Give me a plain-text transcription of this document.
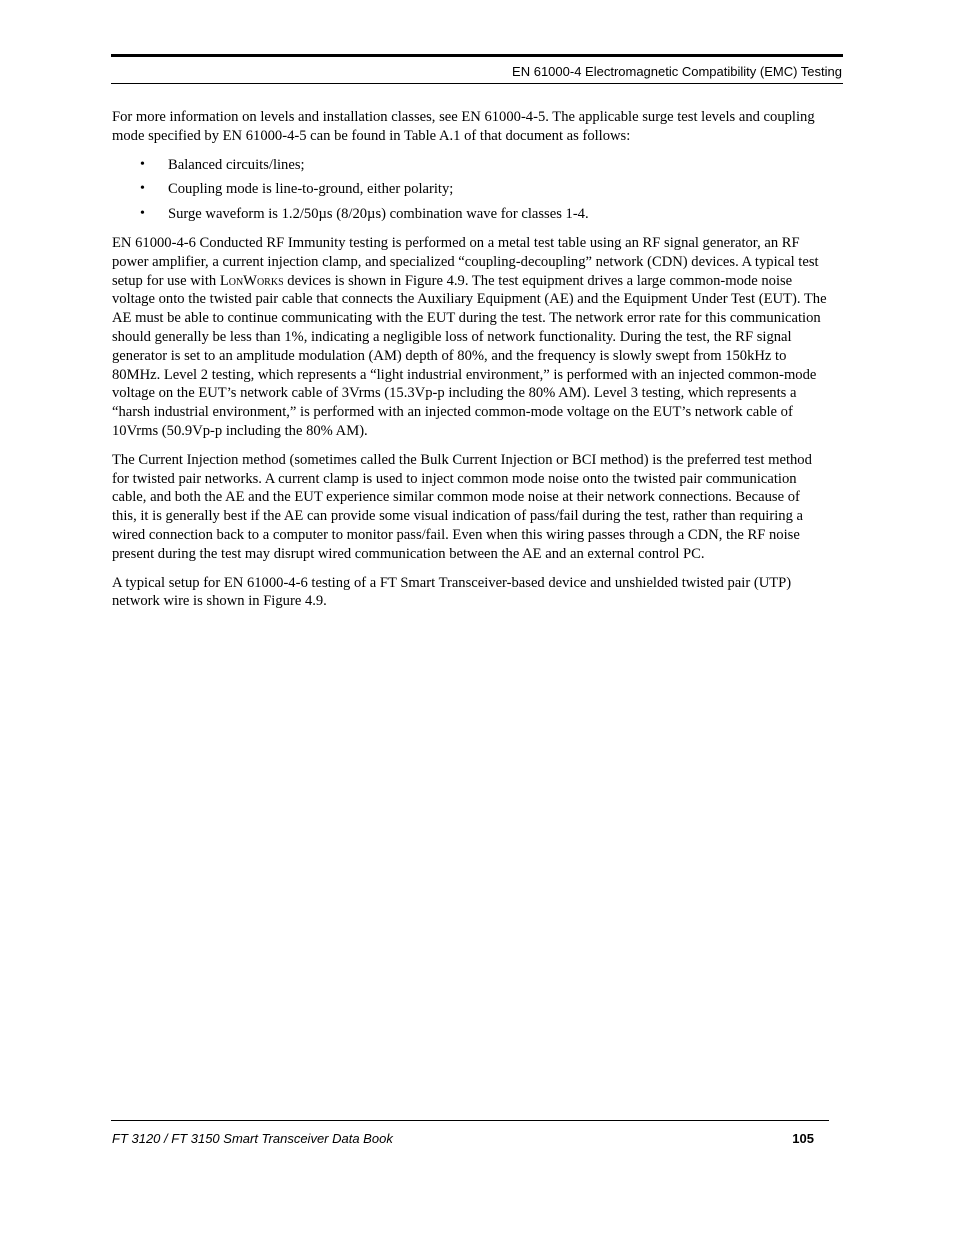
EN 61000-4 Electromagnetic Compatibility (EMC) Testing

For more information on levels and installation classes, see EN 61000-4-5. The applicable surge test levels and coupling mode specified by EN 61000-4-5 can be found in Table A.1 of that document as follows:

• Balanced circuits/lines;
• Coupling mode is line-to-ground, either polarity;
• Surge waveform is 1.2/50µs (8/20µs) combination wave for classes 1-4.

EN 61000-4-6 Conducted RF Immunity testing is performed on a metal test table using an RF signal generator, an RF power amplifier, a current injection clamp, and specialized “coupling-decoupling” network (CDN) devices. A typical test setup for use with LonWorks devices is shown in Figure 4.9. The test equipment drives a large common-mode noise voltage onto the twisted pair cable that connects the Auxiliary Equipment (AE) and the Equipment Under Test (EUT). The AE must be able to continue communicating with the EUT during the test. The network error rate for this communication should generally be less than 1%, indicating a negligible loss of network functionality. During the test, the RF signal generator is set to an amplitude modulation (AM) depth of 80%, and the frequency is slowly swept from 150kHz to 80MHz. Level 2 testing, which represents a “light industrial environment,” is performed with an injected common-mode voltage on the EUT’s network cable of 3Vrms (15.3Vp-p including the 80% AM). Level 3 testing, which represents a “harsh industrial environment,” is performed with an injected common-mode voltage on the EUT’s network cable of 10Vrms (50.9Vp-p including the 80% AM).

The Current Injection method (sometimes called the Bulk Current Injection or BCI method) is the preferred test method for twisted pair networks. A current clamp is used to inject common mode noise onto the twisted pair communication cable, and both the AE and the EUT experience similar common mode noise at their network connections. Because of this, it is generally best if the AE can provide some visual indication of pass/fail during the test, rather than requiring a wired connection back to a computer to monitor pass/fail. Even when this wiring passes through a CDN, the RF noise present during the test may disrupt wired communication between the AE and an external control PC.

A typical setup for EN 61000-4-6 testing of a FT Smart Transceiver-based device and unshielded twisted pair (UTP) network wire is shown in Figure 4.9.

FT 3120 / FT 3150 Smart Transceiver Data Book	105
